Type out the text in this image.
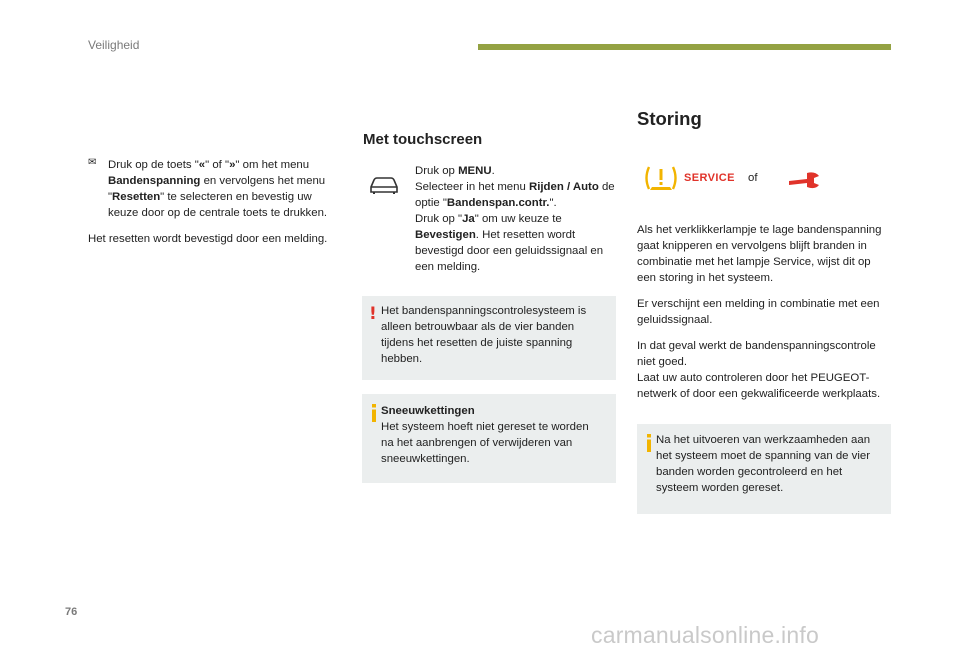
Veiligheid
✉ Druk op de toets "«" of "»" om het menu Bandenspanning en vervolgens het menu "Resetten" te selecteren en bevestig uw keuze door op de centrale toets te drukken.
Het resetten wordt bevestigd door een melding.
Met touchscreen
Druk op MENU.
Selecteer in het menu Rijden / Auto de optie "Bandenspan.contr.".
Druk op "Ja" om uw keuze te Bevestigen. Het resetten wordt bevestigd door een geluidssignaal en een melding.
! Het bandenspanningscontrolesysteem is alleen betrouwbaar als de vier banden tijdens het resetten de juiste spanning hebben.
Sneeuwkettingen
Het systeem hoeft niet gereset te worden na het aanbrengen of verwijderen van sneeuwkettingen.
Storing
SERVICE of
Als het verklikkerlampje te lage bandenspanning gaat knipperen en vervolgens blijft branden in combinatie met het lampje Service, wijst dit op een storing in het systeem.
Er verschijnt een melding in combinatie met een geluidssignaal.
In dat geval werkt de bandenspanningscontrole niet goed.
Laat uw auto controleren door het PEUGEOT-netwerk of door een gekwalificeerde werkplaats.
Na het uitvoeren van werkzaamheden aan het systeem moet de spanning van de vier banden worden gecontroleerd en het systeem worden gereset.
76
carmanualsonline.info
